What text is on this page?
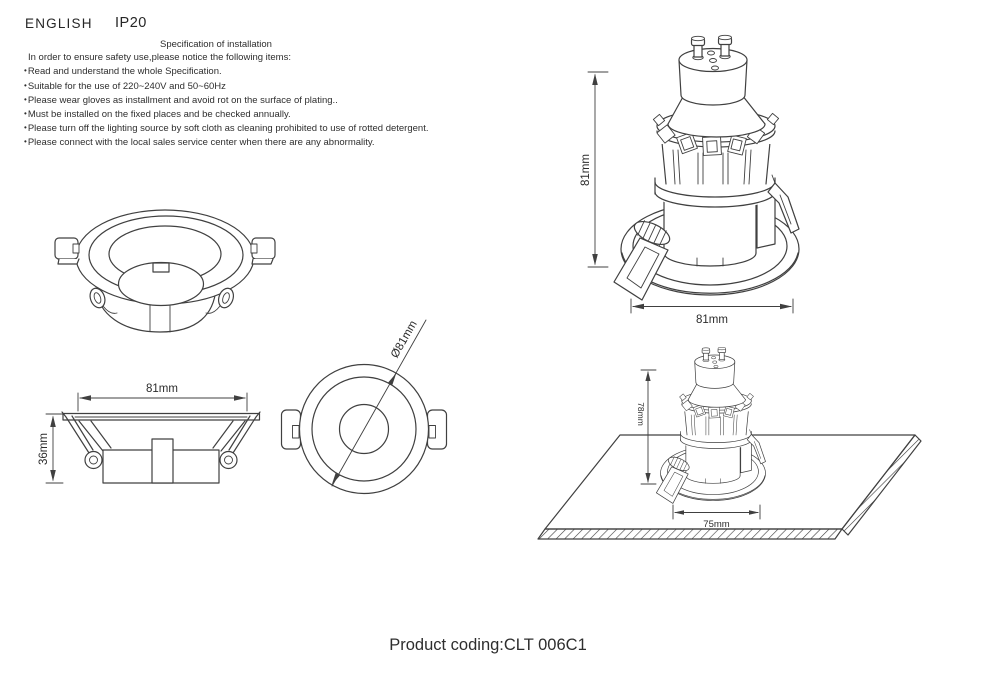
ENGLISH IP20
Specification of installation
In order to ensure safety use,please notice the following items:
•Read and understand the whole Specification.
•Suitable for the use of 220~240V and 50~60Hz
•Please wear gloves as installment and avoid rot on the surface of plating..
•Must be installed on the fixed places and be checked annually.
•Please turn off the lighting source by soft cloth as cleaning prohibited to use of rotted detergent.
•Please connect with the local sales service center when there are any abnormality.
81mm
36mm
Ø81mm
81mm
81mm
78mm
75mm
Product coding:CLT 006C1
